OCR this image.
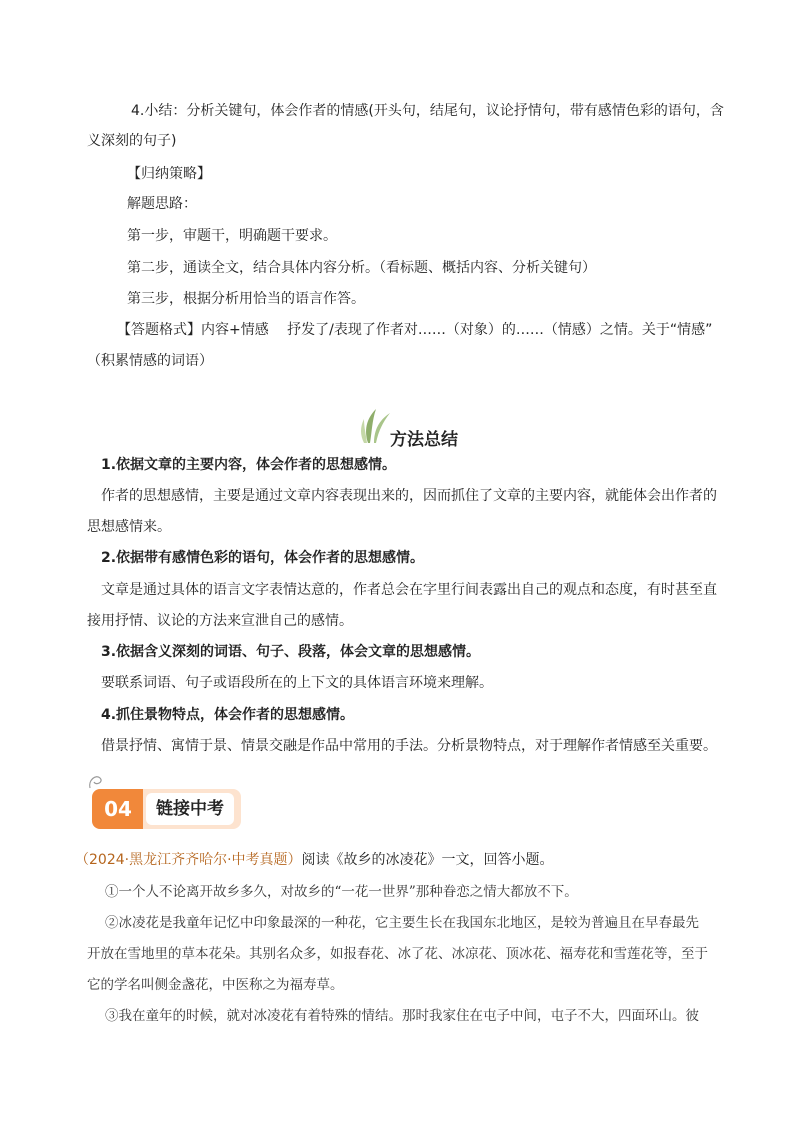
4.小结：分析关键句，体会作者的情感(开头句，结尾句，议论抒情句，带有感情色彩的语句，含
义深刻的句子)
【归纳策略】
解题思路：
第一步，审题干，明确题干要求。
第二步，通读全文，结合具体内容分析。（看标题、概括内容、分析关键句）
第三步，根据分析用恰当的语言作答。
【答题格式】内容+情感　 抒发了/表现了作者对……（对象）的……（情感）之情。关于“情感”
（积累情感的词语）
方法总结
1.依据文章的主要内容，体会作者的思想感情。
作者的思想感情，主要是通过文章内容表现出来的，因而抓住了文章的主要内容，就能体会出作者的
思想感情来。
2.依据带有感情色彩的语句，体会作者的思想感情。
文章是通过具体的语言文字表情达意的，作者总会在字里行间表露出自己的观点和态度，有时甚至直
接用抒情、议论的方法来宣泄自己的感情。
3.依据含义深刻的词语、句子、段落，体会文章的思想感情。
要联系词语、句子或语段所在的上下文的具体语言环境来理解。
4.抓住景物特点，体会作者的思想感情。
借景抒情、寓情于景、情景交融是作品中常用的手法。分析景物特点，对于理解作者情感至关重要。
04	链接中考
（2024·黑龙江齐齐哈尔·中考真题）阅读《故乡的冰凌花》一文，回答小题。
①一个人不论离开故乡多久，对故乡的“一花一世界”那种眷恋之情大都放不下。
②冰凌花是我童年记忆中印象最深的一种花，它主要生长在我国东北地区，是较为普遍且在早春最先
开放在雪地里的草本花朵。其别名众多，如报春花、冰了花、冰凉花、顶冰花、福寿花和雪莲花等，至于
它的学名叫侧金盏花，中医称之为福寿草。
③我在童年的时候，就对冰凌花有着特殊的情结。那时我家住在屯子中间，屯子不大，四面环山。彼
